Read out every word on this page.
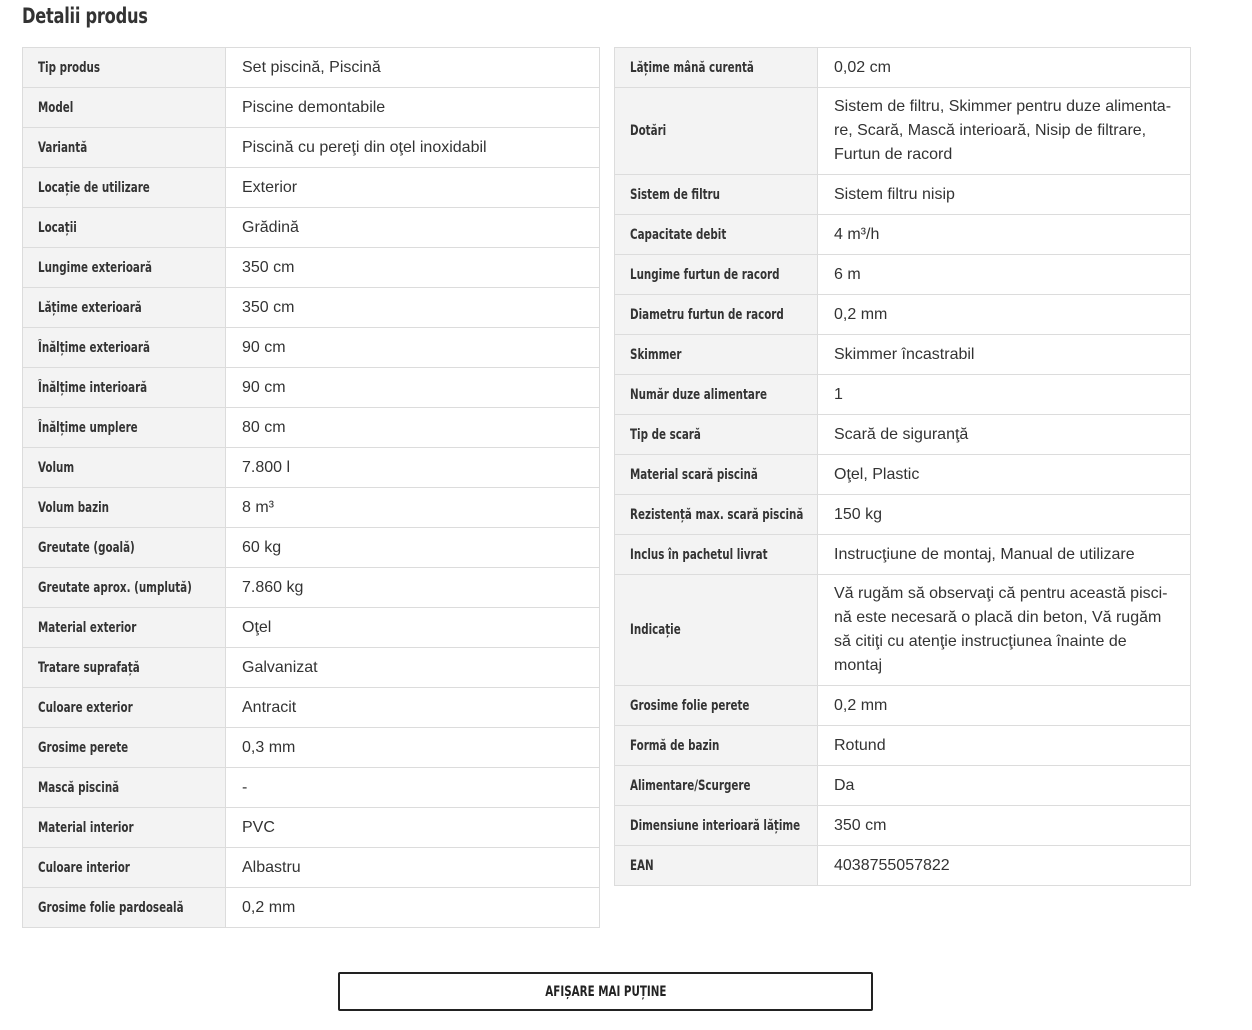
Detalii produs
Tip produs	Set piscină, Piscină

Model	Piscine demontabile

Variantă	Piscină cu pereţi din oţel inoxidabil

Locație de utilizare	Exterior

Locații	Grădină

Lungime exterioară	350 cm

Lățime exterioară	350 cm

Înălțime exterioară	90 cm

Înălțime interioară	90 cm

Înălțime umplere	80 cm

Volum	7.800 l

Volum bazin	8 m³

Greutate (goală)	60 kg

Greutate aprox. (umplută)	7.860 kg

Material exterior	Oţel

Tratare suprafață	Galvanizat

Culoare exterior	Antracit

Grosime perete	0,3 mm

Mască piscină	-

Material interior	PVC

Culoare interior	Albastru

Grosime folie pardoseală	0,2 mm
Lățime mână curentă	0,02 cm

Dotări	Sistem de filtru, Skimmer pentru duze alimenta-re, Scară, Mască interioară, Nisip de filtrare, Furtun de racord

Sistem de filtru	Sistem filtru nisip

Capacitate debit	4 m³/h

Lungime furtun de racord	6 m

Diametru furtun de racord	0,2 mm

Skimmer	Skimmer încastrabil

Număr duze alimentare	1

Tip de scară	Scară de siguranţă

Material scară piscină	Oţel, Plastic

Rezistență max. scară piscină	150 kg

Inclus în pachetul livrat	Instrucţiune de montaj, Manual de utilizare

Indicație	Vă rugăm să observaţi că pentru această pisci-nă este necesară o placă din beton, Vă rugăm să citiţi cu atenţie instrucţiunea înainte de montaj

Grosime folie perete	0,2 mm

Formă de bazin	Rotund

Alimentare/Scurgere	Da

Dimensiune interioară lățime	350 cm

EAN	4038755057822
AFIȘARE MAI PUȚINE
